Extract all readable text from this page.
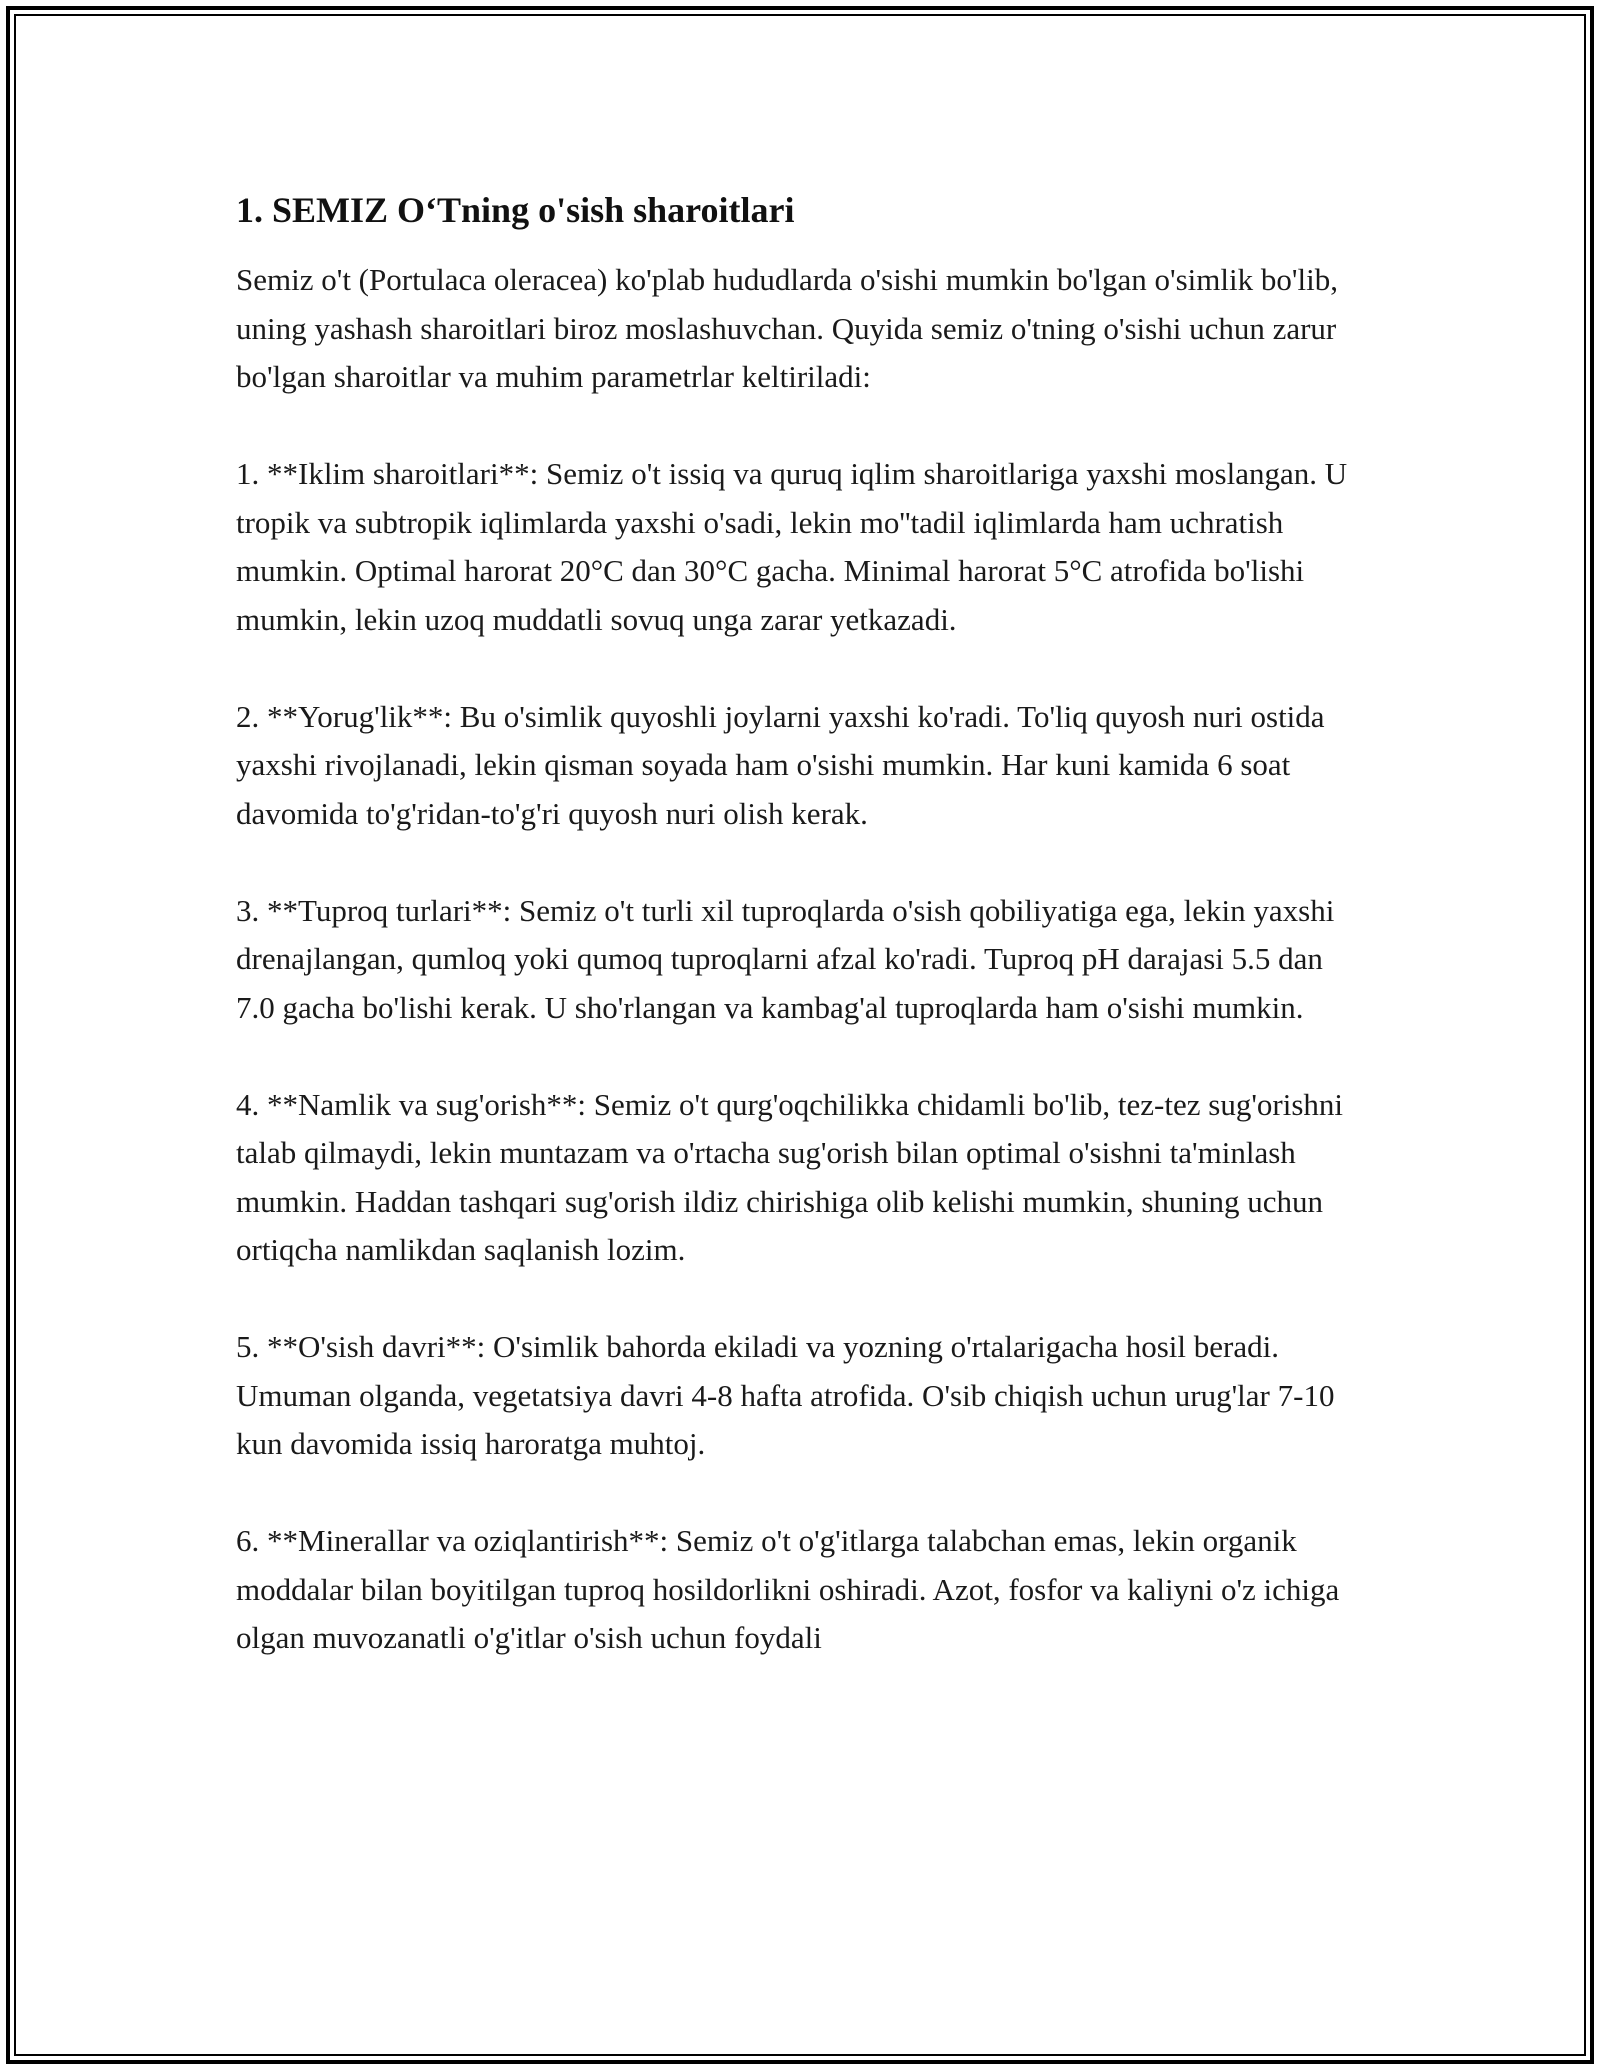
1. SEMIZ O‘Tning o'sish sharoitlari

Semiz o't (Portulaca oleracea) ko'plab hududlarda o'sishi mumkin bo'lgan o'simlik bo'lib, uning yashash sharoitlari biroz moslashuvchan. Quyida semiz o'tning o'sishi uchun zarur bo'lgan sharoitlar va muhim parametrlar keltiriladi:

1. **Iklim sharoitlari**: Semiz o't issiq va quruq iqlim sharoitlariga yaxshi moslangan. U tropik va subtropik iqlimlarda yaxshi o'sadi, lekin mo''tadil iqlimlarda ham uchratish mumkin. Optimal harorat 20°C dan 30°C gacha. Minimal harorat 5°C atrofida bo'lishi mumkin, lekin uzoq muddatli sovuq unga zarar yetkazadi.

2. **Yorug'lik**: Bu o'simlik quyoshli joylarni yaxshi ko'radi. To'liq quyosh nuri ostida yaxshi rivojlanadi, lekin qisman soyada ham o'sishi mumkin. Har kuni kamida 6 soat davomida to'g'ridan-to'g'ri quyosh nuri olish kerak.

3. **Tuproq turlari**: Semiz o't turli xil tuproqlarda o'sish qobiliyatiga ega, lekin yaxshi drenajlangan, qumloq yoki qumoq tuproqlarni afzal ko'radi. Tuproq pH darajasi 5.5 dan 7.0 gacha bo'lishi kerak. U sho'rlangan va kambag'al tuproqlarda ham o'sishi mumkin.

4. **Namlik va sug'orish**: Semiz o't qurg'oqchilikka chidamli bo'lib, tez-tez sug'orishni talab qilmaydi, lekin muntazam va o'rtacha sug'orish bilan optimal o'sishni ta'minlash mumkin. Haddan tashqari sug'orish ildiz chirishiga olib kelishi mumkin, shuning uchun ortiqcha namlikdan saqlanish lozim.

5. **O'sish davri**: O'simlik bahorda ekiladi va yozning o'rtalarigacha hosil beradi. Umuman olganda, vegetatsiya davri 4-8 hafta atrofida. O'sib chiqish uchun urug'lar 7-10 kun davomida issiq haroratga muhtoj.

6. **Minerallar va oziqlantirish**: Semiz o't o'g'itlarga talabchan emas, lekin organik moddalar bilan boyitilgan tuproq hosildorlikni oshiradi. Azot, fosfor va kaliyni o'z ichiga olgan muvozanatli o'g'itlar o'sish uchun foydali
